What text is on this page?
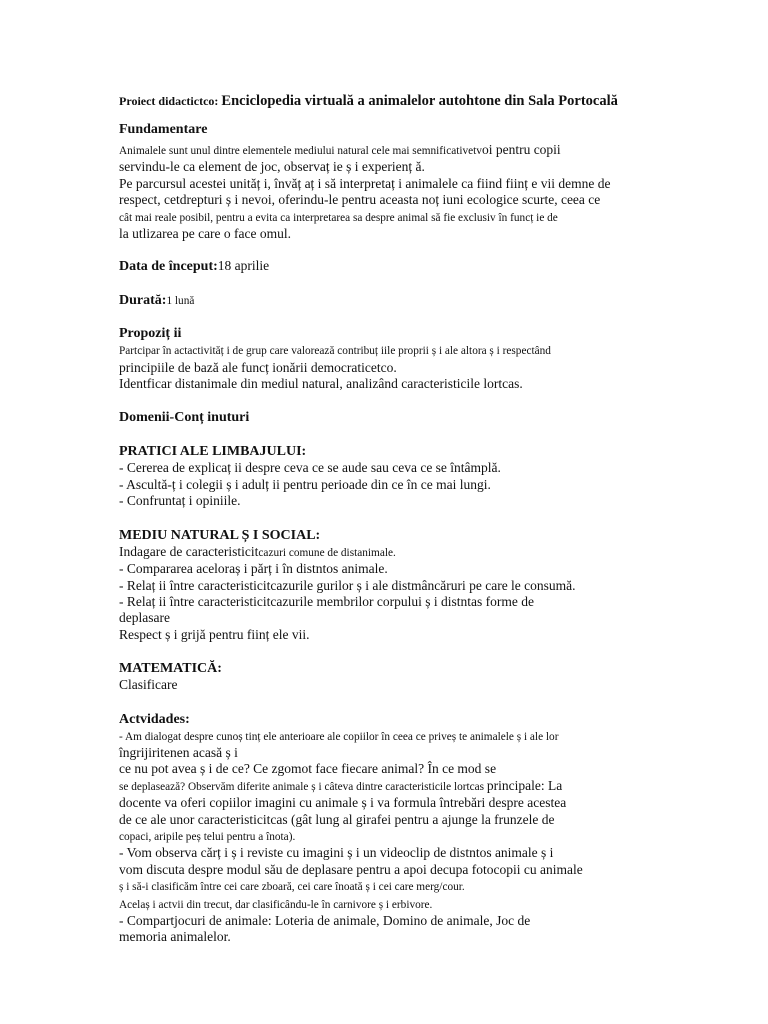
Proiect didactictco: Enciclopedia virtuală a animalelor autohtone din Sala Portocală
Fundamentare
Animalele sunt unul dintre elementele mediului natural cele mai semnificativetvoi pentru copii
servindu-le ca element de joc, observaț ie ș i experienț ă.
Pe parcursul acestei unităț i, învăț aț i să interpretaț i animalele ca fiind ființ e vii demne de
respect, cetdrepturi ș i nevoi, oferindu-le pentru aceasta noț iuni ecologice scurte, ceea ce
cât mai reale posibil, pentru a evita ca interpretarea sa despre animal să fie exclusiv în funcț ie de
la utlizarea pe care o face omul.
Data de început:18 aprilie
Durată:1 lună
Propoziț ii
Partcipar în actactivităț i de grup care valorează contribuț iile proprii ș i ale altora ș i respectând
principiile de bază ale funcț ionării democraticetco.
Identficar distanimale din mediul natural, analizând caracteristicile lortcas.
Domenii-Conț inuturi
PRATICI ALE LIMBAJULUI:
- Cererea de explicaț ii despre ceva ce se aude sau ceva ce se întâmplă.
- Ascultă-ț i colegii ș i adulț ii pentru perioade din ce în ce mai lungi.
- Confruntaț i opiniile.
MEDIU NATURAL Ș I SOCIAL:
Indagare de caracteristicitcazuri comune de distanimale.
- Compararea aceloraș i părț i în distntos animale.
- Relaț ii între caracteristicitcazurile gurilor ș i ale distmâncăruri pe care le consumă.
- Relaț ii între caracteristicitcazurile membrilor corpului ș i distntas forme de
deplasare
Respect ș i grijă pentru ființ ele vii.
MATEMATICĂ:
Clasificare
Actvidades:
- Am dialogat despre cunoș tinț ele anterioare ale copiilor în ceea ce priveș te animalele ș i ale lor
îngrijiritenen acasă ș i
ce nu pot avea ș i de ce? Ce zgomot face fiecare animal? În ce mod se
se deplasează? Observăm diferite animale ș i câteva dintre caracteristicile lortcas principale: La
docente va oferi copiilor imagini cu animale ș i va formula întrebări despre acestea
de ce ale unor caracteristicitcas (gât lung al girafei pentru a ajunge la frunzele de
copaci, aripile peș telui pentru a înota).
- Vom observa cărț i ș i reviste cu imagini ș i un videoclip de distntos animale ș i
vom discuta despre modul său de deplasare pentru a apoi decupa fotocopii cu animale
ș i să-i clasificăm între cei care zboară, cei care înoată ș i cei care merg/cour.
Acelaș i actvii din trecut, dar clasificându-le în carnivore ș i erbivore.
- Compartjocuri de animale: Loteria de animale, Domino de animale, Joc de
memoria animalelor.
